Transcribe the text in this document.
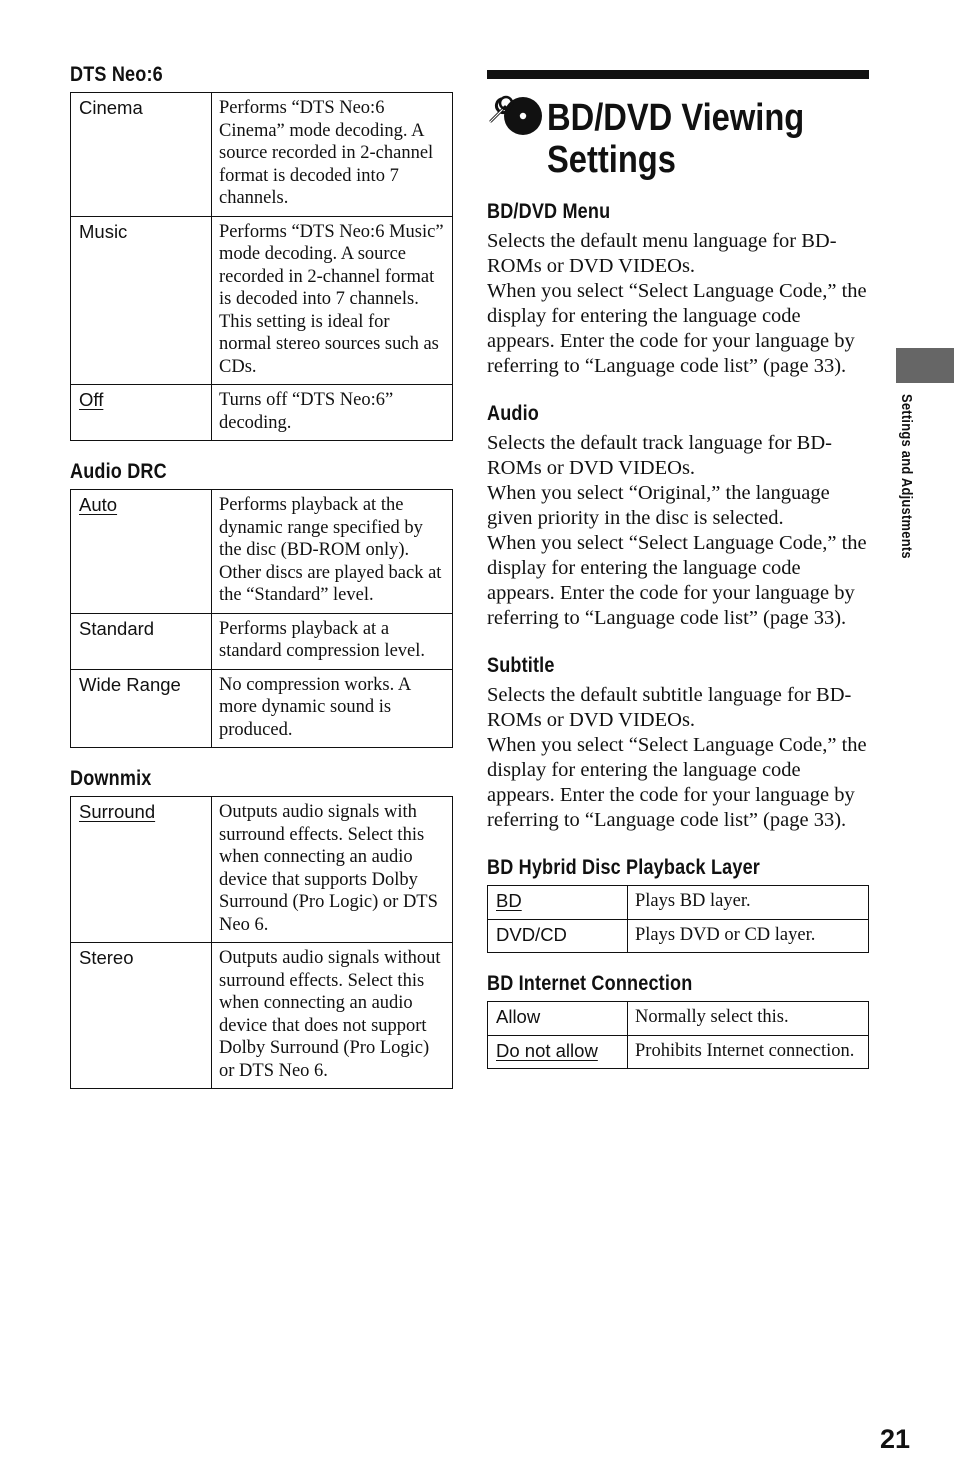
DTS Neo:6
Cinema	Performs “DTS Neo:6 Cinema” mode decoding. A source recorded in 2-channel format is decoded into 7 channels.
Music	Performs “DTS Neo:6 Music” mode decoding. A source recorded in 2-channel format is decoded into 7 channels. This setting is ideal for normal stereo sources such as CDs.
Off	Turns off “DTS Neo:6” decoding.
Audio DRC
Auto	Performs playback at the dynamic range specified by the disc (BD-ROM only). Other discs are played back at the “Standard” level.
Standard	Performs playback at a standard compression level.
Wide Range	No compression works. A more dynamic sound is produced.
Downmix
Surround	Outputs audio signals with surround effects. Select this when connecting an audio device that supports Dolby Surround (Pro Logic) or DTS Neo 6.
Stereo	Outputs audio signals without surround effects. Select this when connecting an audio device that does not support Dolby Surround (Pro Logic) or DTS Neo 6.
BD/DVD Viewing
Settings
BD/DVD Menu

Selects the default menu language for BD-ROMs or DVD VIDEOs.
When you select “Select Language Code,” the display for entering the language code appears. Enter the code for your language by referring to “Language code list” (page 33).

Audio

Selects the default track language for BD-ROMs or DVD VIDEOs.
When you select “Original,” the language given priority in the disc is selected.
When you select “Select Language Code,” the display for entering the language code appears. Enter the code for your language by referring to “Language code list” (page 33).

Subtitle

Selects the default subtitle language for BD-ROMs or DVD VIDEOs.
When you select “Select Language Code,” the display for entering the language code appears. Enter the code for your language by referring to “Language code list” (page 33).

BD Hybrid Disc Playback Layer
BD	Plays BD layer.
DVD/CD	Plays DVD or CD layer.
BD Internet Connection
Allow	Normally select this.
Do not allow	Prohibits Internet connection.
Settings and Adjustments
21
